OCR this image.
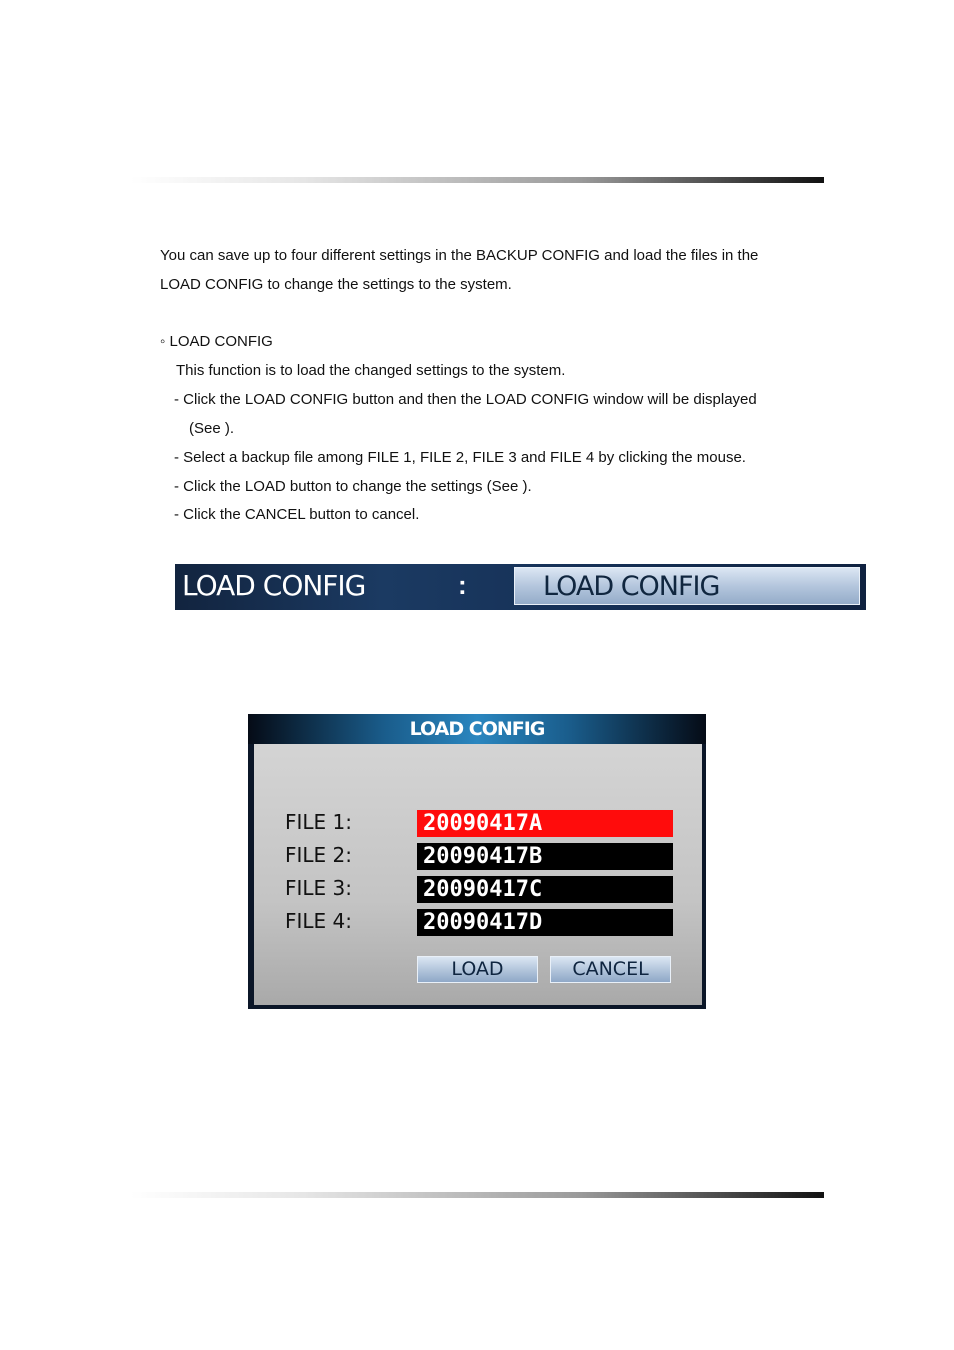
You can save up to four different settings in the BACKUP CONFIG and load the files in the
LOAD CONFIG to change the settings to the system.
◦ LOAD CONFIG
This function is to load the changed settings to the system.
- Click the LOAD CONFIG button and then the LOAD CONFIG window will be displayed
(See ).
- Select a backup file among FILE 1, FILE 2, FILE 3 and FILE 4 by clicking the mouse.
- Click the LOAD button to change the settings (See ).
- Click the CANCEL button to cancel.
LOAD CONFIG	:	LOAD CONFIG
LOAD CONFIG
FILE 1:	20090417A
FILE 2:	20090417B
FILE 3:	20090417C
FILE 4:	20090417D
LOAD	CANCEL
